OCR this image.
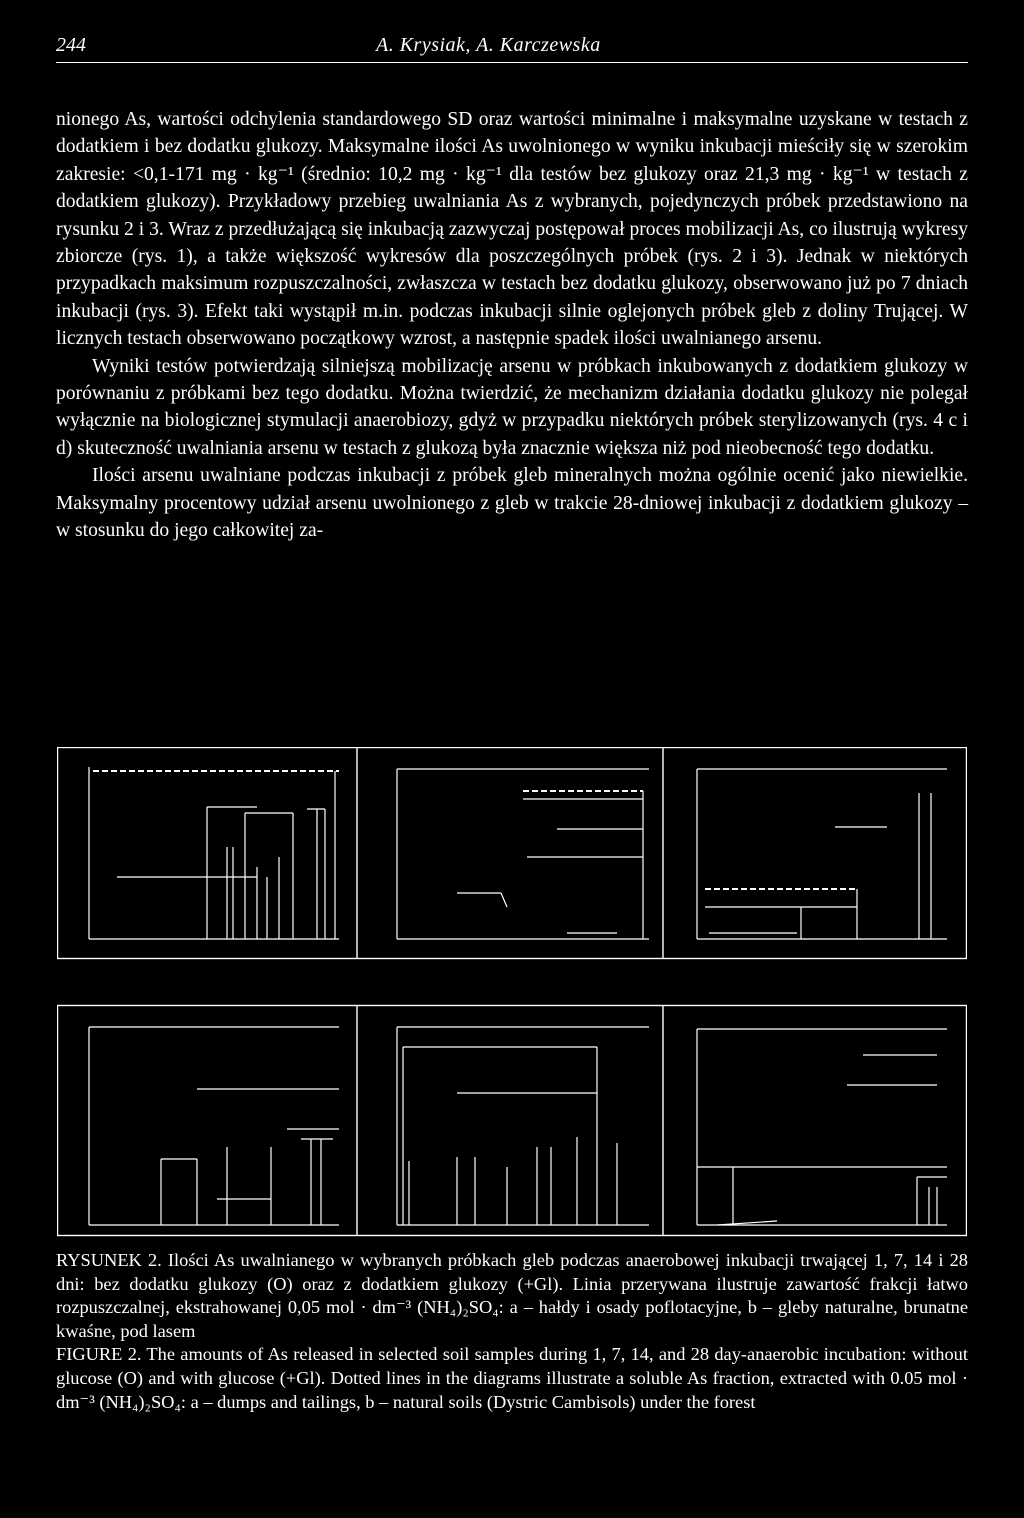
244	A. Krysiak, A. Karczewska

nionego As, wartości odchylenia standardowego SD oraz wartości minimalne i maksymalne uzyskane w testach z dodatkiem i bez dodatku glukozy. Maksymalne ilości As uwolnionego w wyniku inkubacji mieściły się w szerokim zakresie: <0,1-171 mg · kg⁻¹ (średnio: 10,2 mg · kg⁻¹ dla testów bez glukozy oraz 21,3 mg · kg⁻¹ w testach z dodatkiem glukozy). Przykładowy przebieg uwalniania As z wybranych, pojedynczych próbek przedstawiono na rysunku 2 i 3. Wraz z przedłużającą się inkubacją zazwyczaj postępował proces mobilizacji As, co ilustrują wykresy zbiorcze (rys. 1), a także większość wykresów dla poszczególnych próbek (rys. 2 i 3). Jednak w niektórych przypadkach maksimum rozpuszczalności, zwłaszcza w testach bez dodatku glukozy, obserwowano już po 7 dniach inkubacji (rys. 3). Efekt taki wystąpił m.in. podczas inkubacji silnie oglejonych próbek gleb z doliny Trującej. W licznych testach obserwowano początkowy wzrost, a następnie spadek ilości uwalnianego arsenu.

Wyniki testów potwierdzają silniejszą mobilizację arsenu w próbkach inkubowanych z dodatkiem glukozy w porównaniu z próbkami bez tego dodatku. Można twierdzić, że mechanizm działania dodatku glukozy nie polegał wyłącznie na biologicznej stymulacji anaerobiozy, gdyż w przypadku niektórych próbek sterylizowanych (rys. 4 c i d) skuteczność uwalniania arsenu w testach z glukozą była znacznie większa niż pod nieobecność tego dodatku.

Ilości arsenu uwalniane podczas inkubacji z próbek gleb mineralnych można ogólnie ocenić jako niewielkie. Maksymalny procentowy udział arsenu uwolnionego z gleb w trakcie 28-dniowej inkubacji z dodatkiem glukozy – w stosunku do jego całkowitej za-

RYSUNEK 2. Ilości As uwalnianego w wybranych próbkach gleb podczas anaerobowej inkubacji trwającej 1, 7, 14 i 28 dni: bez dodatku glukozy (O) oraz z dodatkiem glukozy (+Gl). Linia przerywana ilustruje zawartość frakcji łatwo rozpuszczalnej, ekstrahowanej 0,05 mol · dm⁻³ (NH₄)₂SO₄: a – hałdy i osady poflotacyjne, b – gleby naturalne, brunatne kwaśne, pod lasem

FIGURE 2. The amounts of As released in selected soil samples during 1, 7, 14, and 28 day-anaerobic incubation: without glucose (O) and with glucose (+Gl). Dotted lines in the diagrams illustrate a soluble As fraction, extracted with 0.05 mol · dm⁻³ (NH₄)₂SO₄: a – dumps and tailings, b – natural soils (Dystric Cambisols) under the forest
